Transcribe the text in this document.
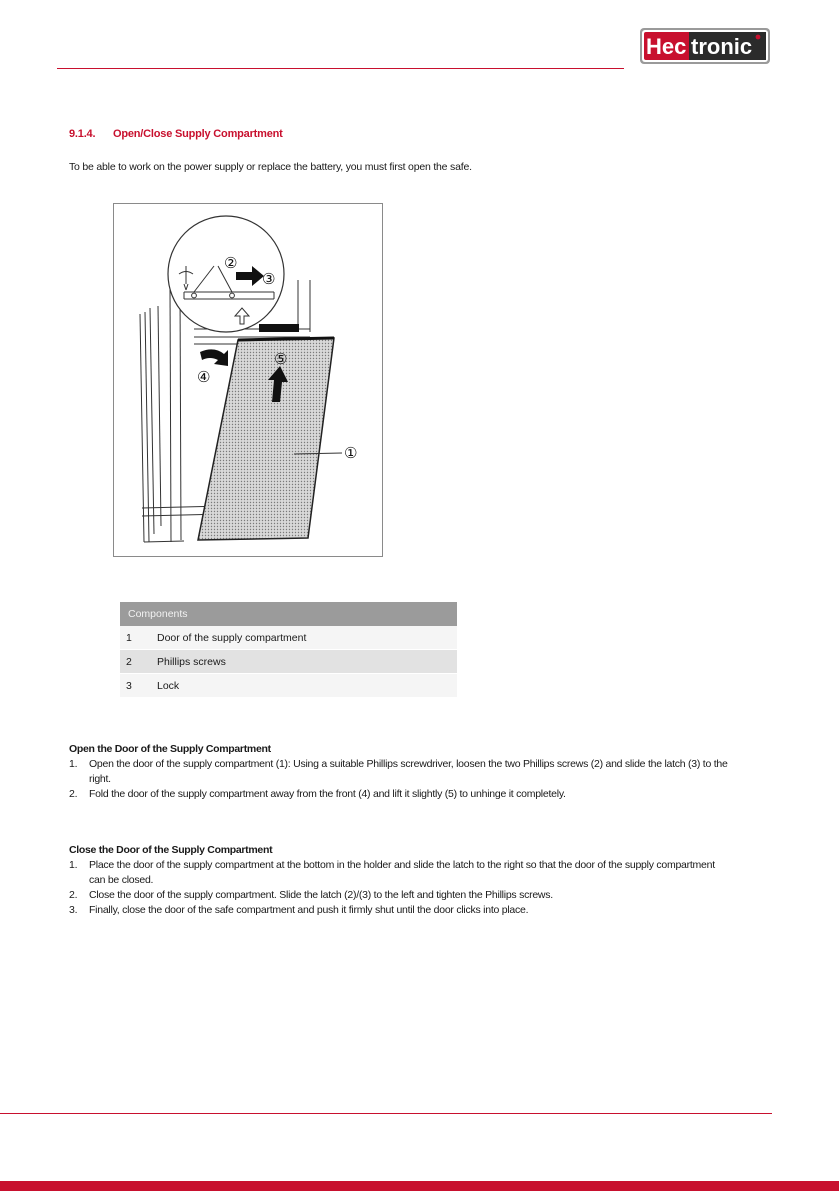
Hec tronic
9.1.4. Open/Close Supply Compartment
To be able to work on the power supply or replace the battery, you must first open the safe.
②
③
④
⑤
①
Components	
1	Door of the supply compartment
2	Phillips screws
3	Lock
Open the Door of the Supply Compartment
1. Open the door of the supply compartment (1): Using a suitable Phillips screwdriver, loosen the two Phillips screws (2) and slide the latch (3) to the right.
2. Fold the door of the supply compartment away from the front (4) and lift it slightly (5) to unhinge it completely.
Close the Door of the Supply Compartment
1. Place the door of the supply compartment at the bottom in the holder and slide the latch to the right so that the door of the supply compartment can be closed.
2. Close the door of the supply compartment. Slide the latch (2)/(3) to the left and tighten the Phillips screws.
3. Finally, close the door of the safe compartment and push it firmly shut until the door clicks into place.
